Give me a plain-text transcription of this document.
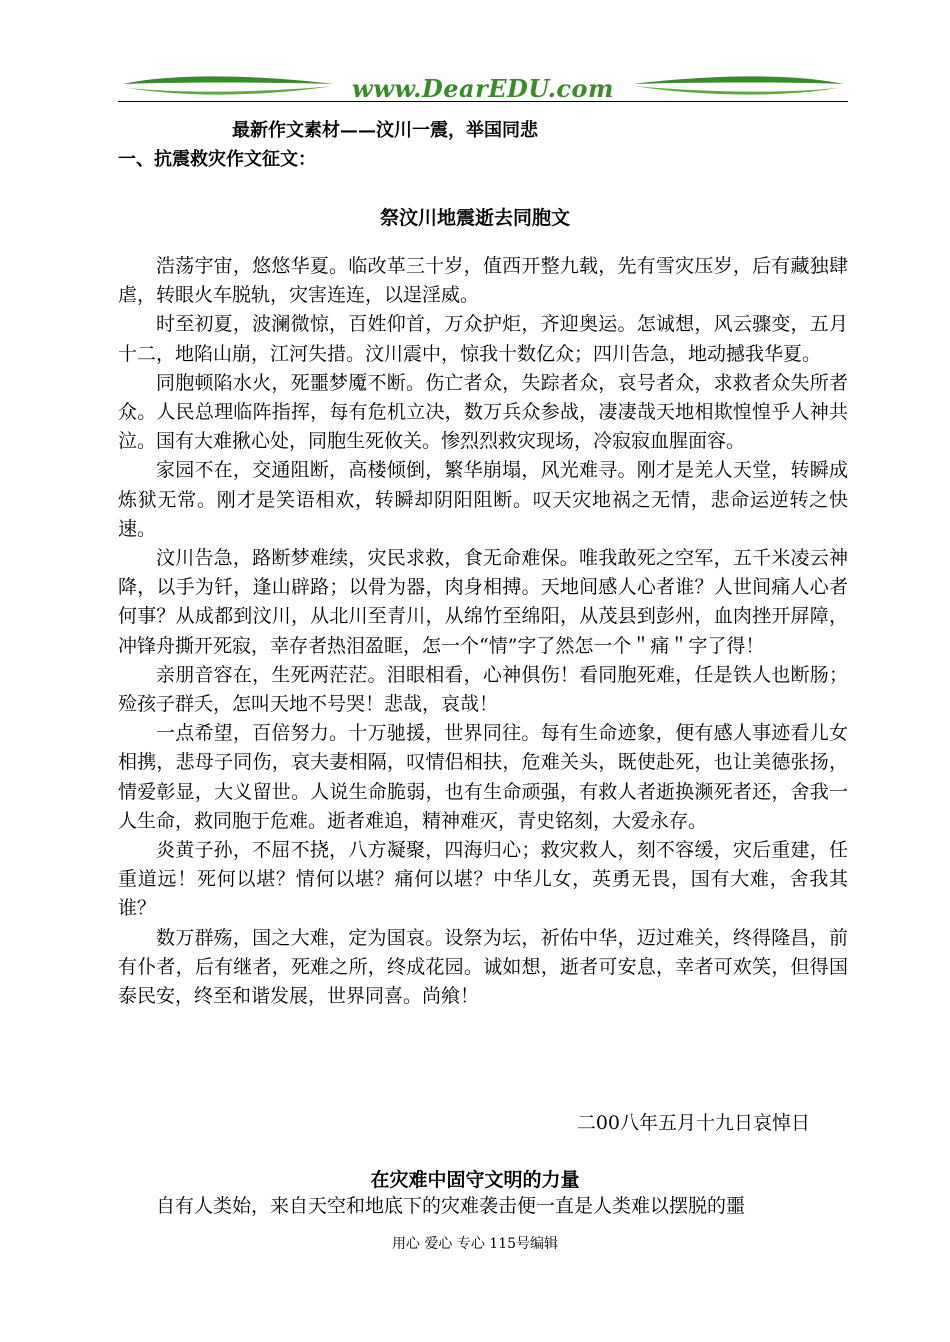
www.DearEDU.com
最新作文素材——汶川一震，举国同悲
一、抗震救灾作文征文：
祭汶川地震逝去同胞文

浩荡宇宙，悠悠华夏。临改革三十岁，值西开整九载，先有雪灾压岁，后有藏独肆虐，转眼火车脱轨，灾害连连，以逞淫威。

时至初夏，波澜微惊，百姓仰首，万众护炬，齐迎奥运。怎诚想，风云骤变，五月十二，地陷山崩，江河失措。汶川震中，惊我十数亿众；四川告急，地动撼我华夏。

同胞顿陷水火，死噩梦魇不断。伤亡者众，失踪者众，哀号者众，求救者众失所者众。人民总理临阵指挥，每有危机立决，数万兵众参战，凄凄哉天地相欺惶惶乎人神共泣。国有大难揪心处，同胞生死攸关。惨烈烈救灾现场，冷寂寂血腥面容。

家园不在，交通阻断，高楼倾倒，繁华崩塌，风光难寻。刚才是羌人天堂，转瞬成炼狱无常。刚才是笑语相欢，转瞬却阴阳阻断。叹天灾地祸之无情，悲命运逆转之快速。

汶川告急，路断梦难续，灾民求救，食无命难保。唯我敢死之空军，五千米凌云神降，以手为钎，逢山辟路；以骨为器，肉身相搏。天地间感人心者谁？人世间痛人心者何事？从成都到汶川，从北川至青川，从绵竹至绵阳，从茂县到彭州，血肉挫开屏障，冲锋舟撕开死寂，幸存者热泪盈眶，怎一个“情”字了然怎一个＂痛＂字了得！

亲朋音容在，生死两茫茫。泪眼相看，心神俱伤！看同胞死难，任是铁人也断肠；殓孩子群夭，怎叫天地不号哭！悲哉，哀哉！

一点希望，百倍努力。十万驰援，世界同往。每有生命迹象，便有感人事迹看儿女相携，悲母子同伤，哀夫妻相隔，叹情侣相扶，危难关头，既使赴死，也让美德张扬，情爱彰显，大义留世。人说生命脆弱，也有生命顽强，有救人者逝换濒死者还，舍我一人生命，救同胞于危难。逝者难追，精神难灭，青史铭刻，大爱永存。

炎黄子孙，不屈不挠，八方凝聚，四海归心；救灾救人，刻不容缓，灾后重建，任重道远！死何以堪？情何以堪？痛何以堪？中华儿女，英勇无畏，国有大难，舍我其谁？

数万群殇，国之大难，定为国哀。设祭为坛，祈佑中华，迈过难关，终得隆昌，前有仆者，后有继者，死难之所，终成花园。诚如想，逝者可安息，幸者可欢笑，但得国泰民安，终至和谐发展，世界同喜。尚飨！

二00八年五月十九日哀悼日
在灾难中固守文明的力量

自有人类始，来自天空和地底下的灾难袭击便一直是人类难以摆脱的噩

用心 爱心 专心 115号编辑
